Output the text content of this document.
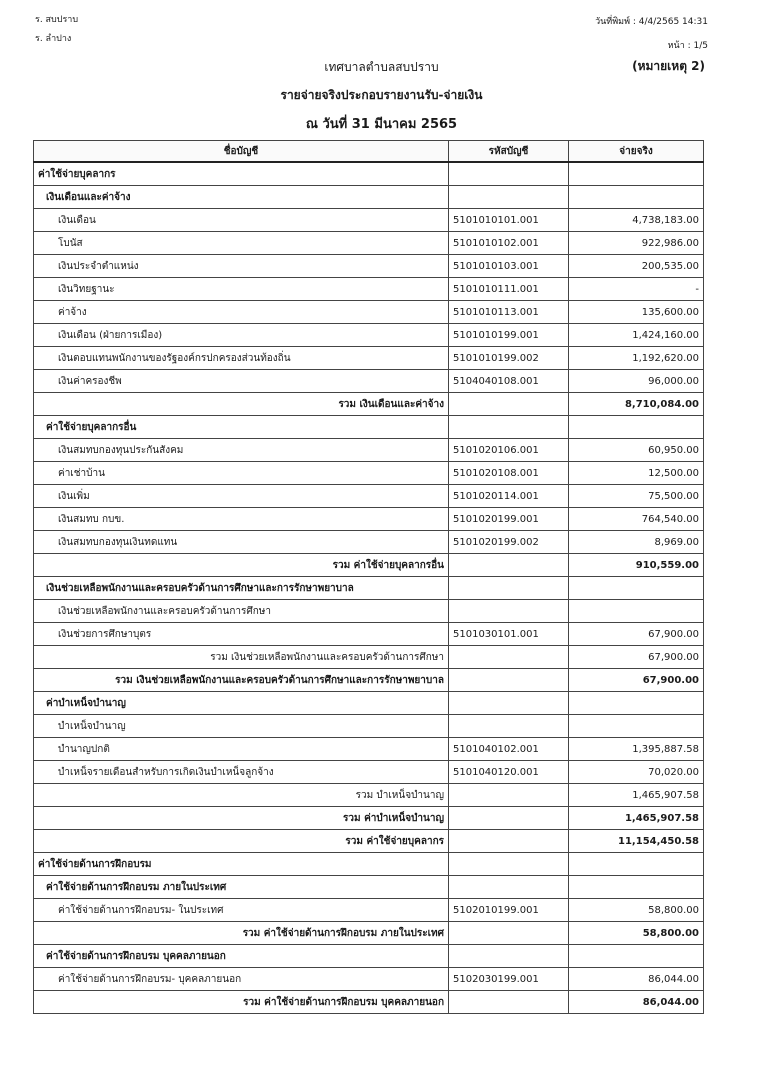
ร. สบปราบ
ร. ลำปาง
วันที่พิมพ์ : 4/4/2565 14:31
หน้า : 1/5
เทศบาลตำบลสบปราบ	(หมายเหตุ 2)
รายจ่ายจริงประกอบรายงานรับ-จ่ายเงิน
ณ วันที่ 31 มีนาคม 2565
ชื่อบัญชี	รหัสบัญชี	จ่ายจริง
ค่าใช้จ่ายบุคลากร		
เงินเดือนและค่าจ้าง		
เงินเดือน	5101010101.001	4,738,183.00
โบนัส	5101010102.001	922,986.00
เงินประจำตำแหน่ง	5101010103.001	200,535.00
เงินวิทยฐานะ	5101010111.001	-
ค่าจ้าง	5101010113.001	135,600.00
เงินเดือน (ฝ่ายการเมือง)	5101010199.001	1,424,160.00
เงินตอบแทนพนักงานของรัฐองค์กรปกครองส่วนท้องถิ่น	5101010199.002	1,192,620.00
เงินค่าครองชีพ	5104040108.001	96,000.00
รวม เงินเดือนและค่าจ้าง		8,710,084.00
ค่าใช้จ่ายบุคลากรอื่น		
เงินสมทบกองทุนประกันสังคม	5101020106.001	60,950.00
ค่าเช่าบ้าน	5101020108.001	12,500.00
เงินเพิ่ม	5101020114.001	75,500.00
เงินสมทบ กบข.	5101020199.001	764,540.00
เงินสมทบกองทุนเงินทดแทน	5101020199.002	8,969.00
รวม ค่าใช้จ่ายบุคลากรอื่น		910,559.00
เงินช่วยเหลือพนักงานและครอบครัวด้านการศึกษาและการรักษาพยาบาล		
เงินช่วยเหลือพนักงานและครอบครัวด้านการศึกษา		
เงินช่วยการศึกษาบุตร	5101030101.001	67,900.00
รวม เงินช่วยเหลือพนักงานและครอบครัวด้านการศึกษา		67,900.00
รวม เงินช่วยเหลือพนักงานและครอบครัวด้านการศึกษาและการรักษาพยาบาล		67,900.00
ค่าบำเหน็จบำนาญ		
บำเหน็จบำนาญ		
บำนาญปกติ	5101040102.001	1,395,887.58
บำเหน็จรายเดือนสำหรับการเกิดเงินบำเหน็จลูกจ้าง	5101040120.001	70,020.00
รวม บำเหน็จบำนาญ		1,465,907.58
รวม ค่าบำเหน็จบำนาญ		1,465,907.58
รวม ค่าใช้จ่ายบุคลากร		11,154,450.58
ค่าใช้จ่ายด้านการฝึกอบรม		
ค่าใช้จ่ายด้านการฝึกอบรม ภายในประเทศ		
ค่าใช้จ่ายด้านการฝึกอบรม- ในประเทศ	5102010199.001	58,800.00
รวม ค่าใช้จ่ายด้านการฝึกอบรม ภายในประเทศ		58,800.00
ค่าใช้จ่ายด้านการฝึกอบรม บุคคลภายนอก		
ค่าใช้จ่ายด้านการฝึกอบรม- บุคคลภายนอก	5102030199.001	86,044.00
รวม ค่าใช้จ่ายด้านการฝึกอบรม บุคคลภายนอก		86,044.00
